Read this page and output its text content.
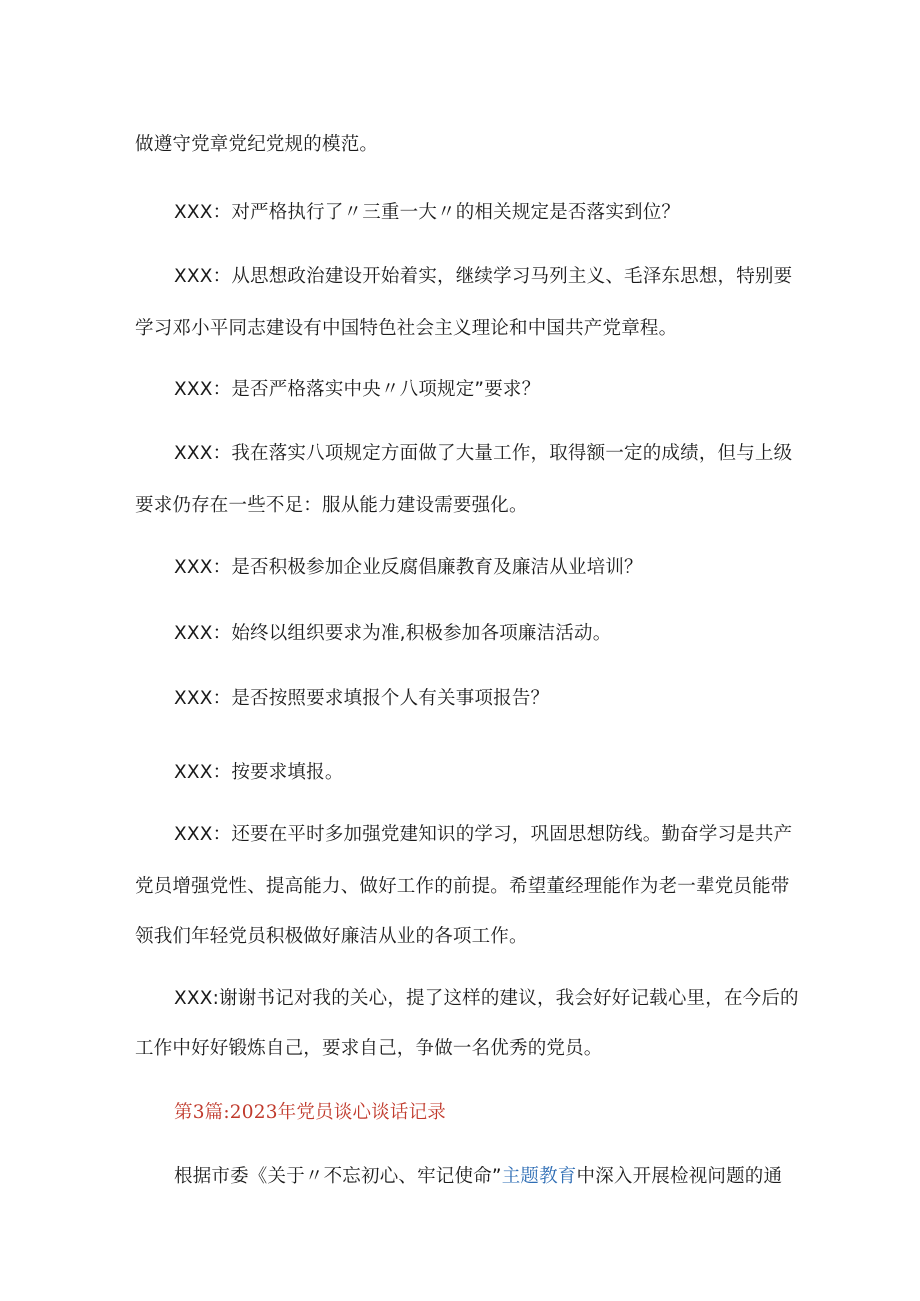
做遵守党章党纪党规的模范。
XXX：对严格执行了〃三重一大〃的相关规定是否落实到位？
XXX：从思想政治建设开始着实，继续学习马列主义、毛泽东思想，特别要
学习邓小平同志建设有中国特色社会主义理论和中国共产党章程。
XXX：是否严格落实中央〃八项规定”要求？
XXX：我在落实八项规定方面做了大量工作，取得额一定的成绩，但与上级
要求仍存在一些不足：服从能力建设需要强化。
XXX：是否积极参加企业反腐倡廉教育及廉洁从业培训？
XXX：始终以组织要求为准,积极参加各项廉洁活动。
XXX：是否按照要求填报个人有关事项报告？
XXX：按要求填报。
XXX：还要在平时多加强党建知识的学习，巩固思想防线。勤奋学习是共产
党员增强党性、提高能力、做好工作的前提。希望董经理能作为老一辈党员能带
领我们年轻党员积极做好廉洁从业的各项工作。
XXX:谢谢书记对我的关心，提了这样的建议，我会好好记载心里，在今后的
工作中好好锻炼自己，要求自己，争做一名优秀的党员。
第3篇:2023年党员谈心谈话记录
根据市委《关于〃不忘初心、牢记使命”主题教育中深入开展检视问题的通
